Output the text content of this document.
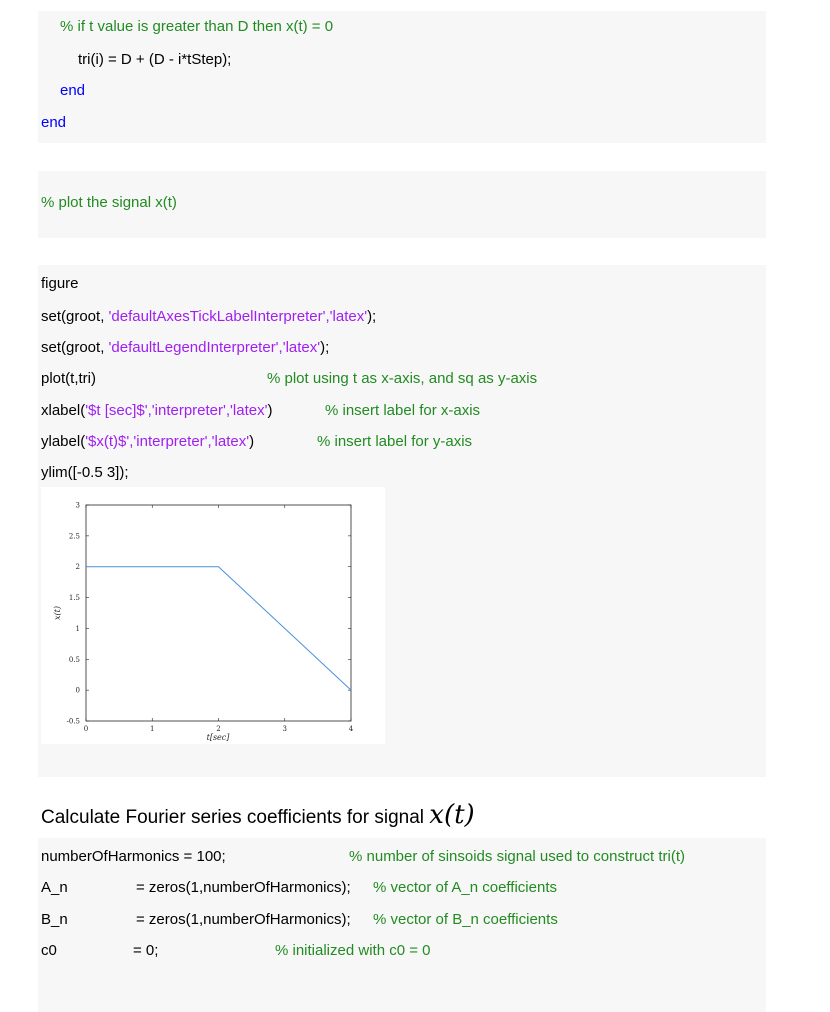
% if t value is greater than D then x(t) = 0
tri(i) = D + (D - i*tStep);
end
end
% plot the signal x(t)
figure
set(groot, 'defaultAxesTickLabelInterpreter','latex');
set(groot, 'defaultLegendInterpreter','latex');
plot(t,tri)	% plot using t as x-axis, and sq as y-axis
xlabel('$t [sec]$','interpreter','latex')	% insert label for x-axis
ylabel('$x(t)$','interpreter','latex')	% insert label for y-axis
ylim([-0.5 3]);
-0.5
0
0.5
1
1.5
2
2.5
3
0	1	2	3	4
t[sec]
x(t)
Calculate Fourier series coefficients for signal x(t)
numberOfHarmonics = 100;	% number of sinsoids signal used to construct tri(t)
A_n	= zeros(1,numberOfHarmonics); % vector of A_n coefficients
B_n	= zeros(1,numberOfHarmonics); % vector of B_n coefficients
c0	= 0;	% initialized with c0 = 0
